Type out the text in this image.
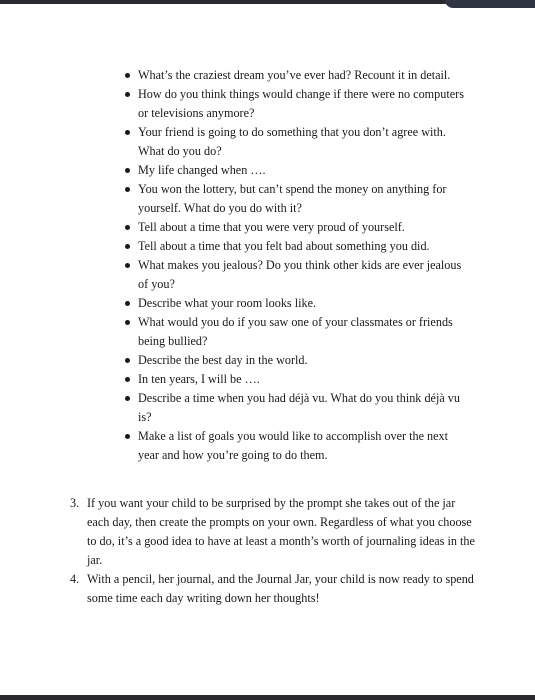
What’s the craziest dream you’ve ever had? Recount it in detail.
How do you think things would change if there were no computers or televisions anymore?
Your friend is going to do something that you don’t agree with. What do you do?
My life changed when ….
You won the lottery, but can’t spend the money on anything for yourself. What do you do with it?
Tell about a time that you were very proud of yourself.
Tell about a time that you felt bad about something you did.
What makes you jealous? Do you think other kids are ever jealous of you?
Describe what your room looks like.
What would you do if you saw one of your classmates or friends being bullied?
Describe the best day in the world.
In ten years, I will be ….
Describe a time when you had déjà vu. What do you think déjà vu is?
Make a list of goals you would like to accomplish over the next year and how you’re going to do them.
3. If you want your child to be surprised by the prompt she takes out of the jar each day, then create the prompts on your own. Regardless of what you choose to do, it’s a good idea to have at least a month’s worth of journaling ideas in the jar.
4. With a pencil, her journal, and the Journal Jar, your child is now ready to spend some time each day writing down her thoughts!
